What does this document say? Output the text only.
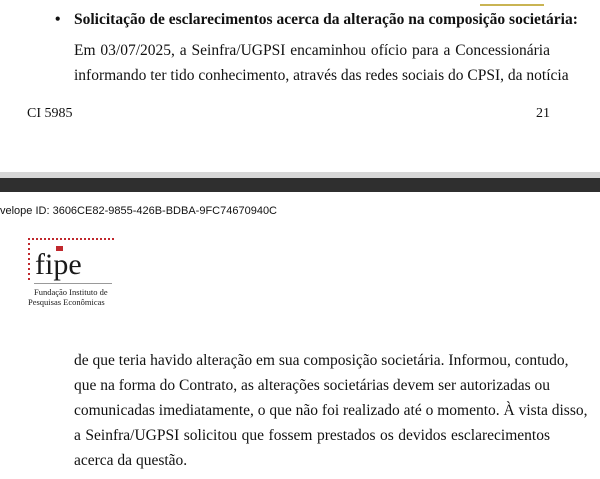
• Solicitação de esclarecimentos acerca da alteração na composição societária:
Em 03/07/2025, a Seinfra/UGPSI encaminhou ofício para a Concessionária
informando ter tido conhecimento, através das redes sociais do CPSI, da notícia
CI 5985	21
velope ID: 3606CE82-9855-426B-BDBA-9FC74670940C
fipe
Fundação Instituto de
Pesquisas Econômicas
de que teria havido alteração em sua composição societária. Informou, contudo,
que na forma do Contrato, as alterações societárias devem ser autorizadas ou
comunicadas imediatamente, o que não foi realizado até o momento. À vista disso,
a Seinfra/UGPSI solicitou que fossem prestados os devidos esclarecimentos
acerca da questão.
